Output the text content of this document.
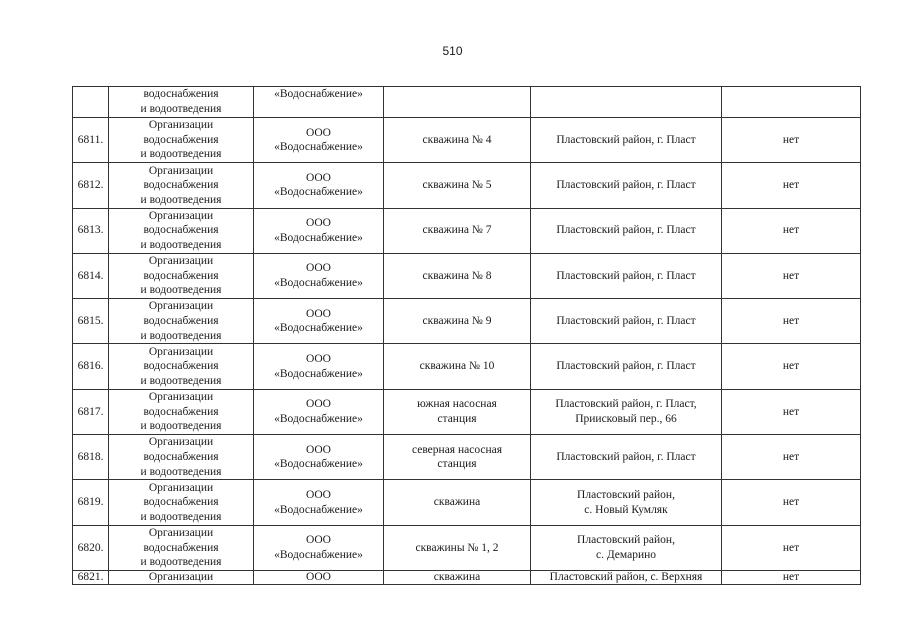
510

	водоснабжения
и водоотведения	«Водоснабжение»			

6811.	Организации
водоснабжения
и водоотведения	ООО
«Водоснабжение»	скважина № 4	Пластовский район, г. Пласт	нет
6812.	Организации
водоснабжения
и водоотведения	ООО
«Водоснабжение»	скважина № 5	Пластовский район, г. Пласт	нет
6813.	Организации
водоснабжения
и водоотведения	ООО
«Водоснабжение»	скважина № 7	Пластовский район, г. Пласт	нет
6814.	Организации
водоснабжения
и водоотведения	ООО
«Водоснабжение»	скважина № 8	Пластовский район, г. Пласт	нет
6815.	Организации
водоснабжения
и водоотведения	ООО
«Водоснабжение»	скважина № 9	Пластовский район, г. Пласт	нет
6816.	Организации
водоснабжения
и водоотведения	ООО
«Водоснабжение»	скважина № 10	Пластовский район, г. Пласт	нет
6817.	Организации
водоснабжения
и водоотведения	ООО
«Водоснабжение»	южная насосная
станция	Пластовский район, г. Пласт,
Приисковый пер., 66	нет
6818.	Организации
водоснабжения
и водоотведения	ООО
«Водоснабжение»	северная насосная
станция	Пластовский район, г. Пласт	нет
6819.	Организации
водоснабжения
и водоотведения	ООО
«Водоснабжение»	скважина	Пластовский район,
с. Новый Кумляк	нет
6820.	Организации
водоснабжения
и водоотведения	ООО
«Водоснабжение»	скважины № 1, 2	Пластовский район,
с. Демарино	нет
6821.	Организации	ООО	скважина	Пластовский район, с. Верхняя	нет
